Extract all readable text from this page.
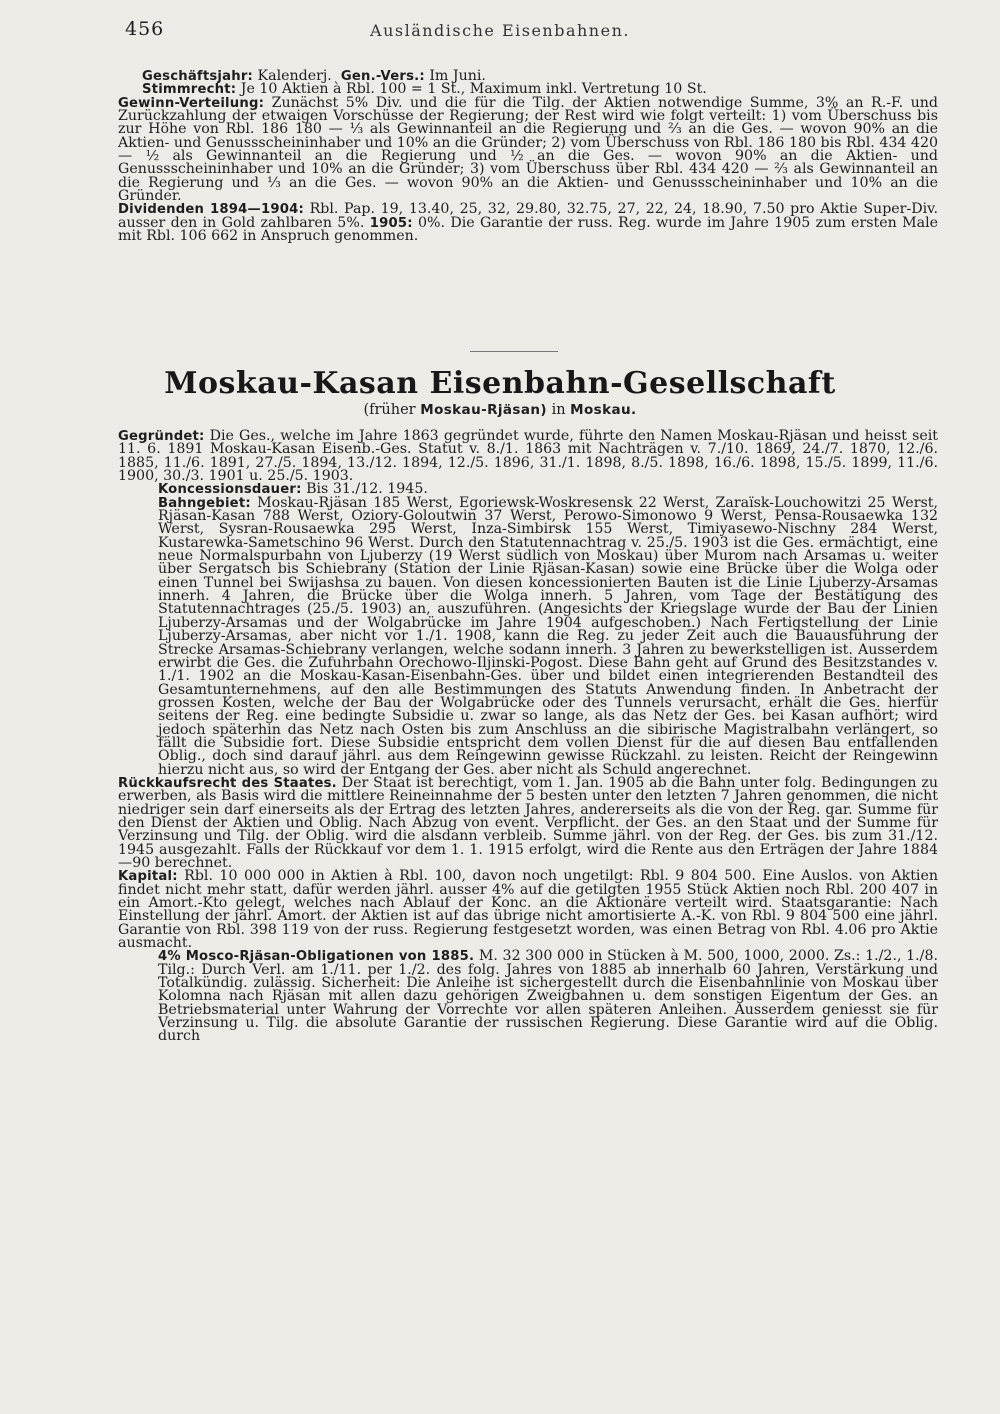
456	Ausländische Eisenbahnen.

Geschäftsjahr: Kalenderj. Gen.-Vers.: Im Juni.

Stimmrecht: Je 10 Aktien à Rbl. 100 = 1 St., Maximum inkl. Vertretung 10 St.

Gewinn-Verteilung: Zunächst 5% Div. und die für die Tilg. der Aktien notwendige Summe, 3% an R.-F. und Zurückzahlung der etwaigen Vorschüsse der Regierung; der Rest wird wie folgt verteilt: 1) vom Überschuss bis zur Höhe von Rbl. 186 180 — ⅓ als Gewinnanteil an die Regierung und ⅔ an die Ges. — wovon 90% an die Aktien- und Genussscheininhaber und 10% an die Gründer; 2) vom Überschuss von Rbl. 186 180 bis Rbl. 434 420 — ½ als Gewinnanteil an die Regierung und ½ an die Ges. — wovon 90% an die Aktien- und Genussscheininhaber und 10% an die Gründer; 3) vom Überschuss über Rbl. 434 420 — ⅔ als Gewinnanteil an die Regierung und ⅓ an die Ges. — wovon 90% an die Aktien- und Genussscheininhaber und 10% an die Gründer.

Dividenden 1894—1904: Rbl. Pap. 19, 13.40, 25, 32, 29.80, 32.75, 27, 22, 24, 18.90, 7.50 pro Aktie Super-Div. ausser den in Gold zahlbaren 5%. 1905: 0%. Die Garantie der russ. Reg. wurde im Jahre 1905 zum ersten Male mit Rbl. 106 662 in Anspruch genommen.

Moskau-Kasan Eisenbahn-Gesellschaft
(früher Moskau-Rjäsan) in Moskau.

Gegründet: Die Ges., welche im Jahre 1863 gegründet wurde, führte den Namen Moskau-Rjäsan und heisst seit 11. 6. 1891 Moskau-Kasan Eisenb.-Ges. Statut v. 8./1. 1863 mit Nachträgen v. 7./10. 1869, 24./7. 1870, 12./6. 1885, 11./6. 1891, 27./5. 1894, 13./12. 1894, 12./5. 1896, 31./1. 1898, 8./5. 1898, 16./6. 1898, 15./5. 1899, 11./6. 1900, 30./3. 1901 u. 25./5. 1903.

Koncessionsdauer: Bis 31./12. 1945.

Bahngebiet: Moskau-Rjäsan 185 Werst, Egoriewsk-Woskresensk 22 Werst, Zaraïsk-Louchowitzi 25 Werst, Rjäsan-Kasan 788 Werst, Oziory-Goloutwin 37 Werst, Perowo-Simonowo 9 Werst, Pensa-Rousaewka 132 Werst, Sysran-Rousaewka 295 Werst, Inza-Simbirsk 155 Werst, Timiyasewo-Nischny 284 Werst, Kustarewka-Sametschino 96 Werst. Durch den Statutennachtrag v. 25./5. 1903 ist die Ges. ermächtigt, eine neue Normalspurbahn von Ljuberzy (19 Werst südlich von Moskau) über Murom nach Arsamas u. weiter über Sergatsch bis Schiebrany (Station der Linie Rjäsan-Kasan) sowie eine Brücke über die Wolga oder einen Tunnel bei Swijashsa zu bauen. Von diesen koncessionierten Bauten ist die Linie Ljuberzy-Arsamas innerh. 4 Jahren, die Brücke über die Wolga innerh. 5 Jahren, vom Tage der Bestätigung des Statutennachtrages (25./5. 1903) an, auszuführen. (Angesichts der Kriegslage wurde der Bau der Linien Ljuberzy-Arsamas und der Wolgabrücke im Jahre 1904 aufgeschoben.) Nach Fertigstellung der Linie Ljuberzy-Arsamas, aber nicht vor 1./1. 1908, kann die Reg. zu jeder Zeit auch die Bauausführung der Strecke Arsamas-Schiebrany verlangen, welche sodann innerh. 3 Jahren zu bewerkstelligen ist. Ausserdem erwirbt die Ges. die Zufuhrbahn Orechowo-Iljinski-Pogost. Diese Bahn geht auf Grund des Besitzstandes v. 1./1. 1902 an die Moskau-Kasan-Eisenbahn-Ges. über und bildet einen integrierenden Bestandteil des Gesamtunternehmens, auf den alle Bestimmungen des Statuts Anwendung finden. In Anbetracht der grossen Kosten, welche der Bau der Wolgabrücke oder des Tunnels verursacht, erhält die Ges. hierfür seitens der Reg. eine bedingte Subsidie u. zwar so lange, als das Netz der Ges. bei Kasan aufhört; wird jedoch späterhin das Netz nach Osten bis zum Anschluss an die sibirische Magistralbahn verlängert, so fällt die Subsidie fort. Diese Subsidie entspricht dem vollen Dienst für die auf diesen Bau entfallenden Oblig., doch sind darauf jährl. aus dem Reingewinn gewisse Rückzahl. zu leisten. Reicht der Reingewinn hierzu nicht aus, so wird der Entgang der Ges. aber nicht als Schuld angerechnet.

Rückkaufsrecht des Staates. Der Staat ist berechtigt, vom 1. Jan. 1905 ab die Bahn unter folg. Bedingungen zu erwerben, als Basis wird die mittlere Reineinnahme der 5 besten unter den letzten 7 Jahren genommen, die nicht niedriger sein darf einerseits als der Ertrag des letzten Jahres, andererseits als die von der Reg. gar. Summe für den Dienst der Aktien und Oblig. Nach Abzug von event. Verpflicht. der Ges. an den Staat und der Summe für Verzinsung und Tilg. der Oblig. wird die alsdann verbleib. Summe jährl. von der Reg. der Ges. bis zum 31./12. 1945 ausgezahlt. Falls der Rückkauf vor dem 1. 1. 1915 erfolgt, wird die Rente aus den Erträgen der Jahre 1884—90 berechnet.

Kapital: Rbl. 10 000 000 in Aktien à Rbl. 100, davon noch ungetilgt: Rbl. 9 804 500. Eine Auslos. von Aktien findet nicht mehr statt, dafür werden jährl. ausser 4% auf die getilgten 1955 Stück Aktien noch Rbl. 200 407 in ein Amort.-Kto gelegt, welches nach Ablauf der Konc. an die Aktionäre verteilt wird. Staatsgarantie: Nach Einstellung der jährl. Amort. der Aktien ist auf das übrige nicht amortisierte A.-K. von Rbl. 9 804 500 eine jährl. Garantie von Rbl. 398 119 von der russ. Regierung festgesetzt worden, was einen Betrag von Rbl. 4.06 pro Aktie ausmacht.

4% Mosco-Rjäsan-Obligationen von 1885. M. 32 300 000 in Stücken à M. 500, 1000, 2000. Zs.: 1./2., 1./8. Tilg.: Durch Verl. am 1./11. per 1./2. des folg. Jahres von 1885 ab innerhalb 60 Jahren, Verstärkung und Totalkündig. zulässig. Sicherheit: Die Anleihe ist sichergestellt durch die Eisenbahnlinie von Moskau über Kolomna nach Rjäsan mit allen dazu gehörigen Zweigbahnen u. dem sonstigen Eigentum der Ges. an Betriebsmaterial unter Wahrung der Vorrechte vor allen späteren Anleihen. Ausserdem geniesst sie für Verzinsung u. Tilg. die absolute Garantie der russischen Regierung. Diese Garantie wird auf die Oblig. durch
